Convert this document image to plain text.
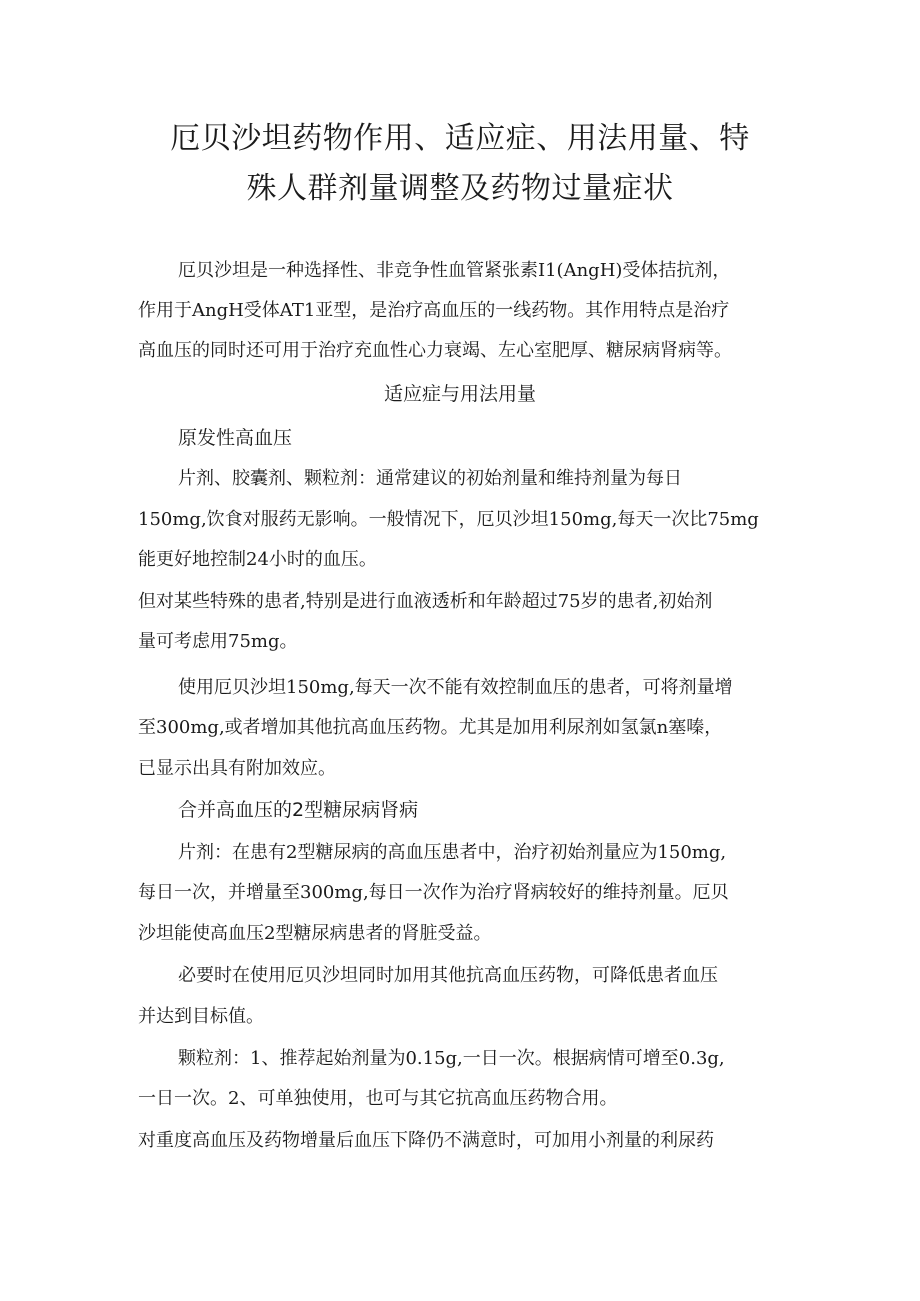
厄贝沙坦药物作用、适应症、用法用量、特
殊人群剂量调整及药物过量症状
厄贝沙坦是一种选择性、非竞争性血管紧张素I1(AngH)受体拮抗剂，
作用于AngH受体AT1亚型，是治疗高血压的一线药物。其作用特点是治疗
高血压的同时还可用于治疗充血性心力衰竭、左心室肥厚、糖尿病肾病等。
适应症与用法用量
原发性高血压
片剂、胶囊剂、颗粒剂：通常建议的初始剂量和维持剂量为每日
150mg,饮食对服药无影响。一般情况下，厄贝沙坦150mg,每天一次比75mg
能更好地控制24小时的血压。
但对某些特殊的患者,特别是进行血液透析和年龄超过75岁的患者,初始剂
量可考虑用75mg。
使用厄贝沙坦150mg,每天一次不能有效控制血压的患者，可将剂量增
至300mg,或者增加其他抗高血压药物。尤其是加用利尿剂如氢氯n塞嗪，
已显示出具有附加效应。
合并高血压的2型糖尿病肾病
片剂：在患有2型糖尿病的高血压患者中，治疗初始剂量应为150mg,
每日一次，并增量至300mg,每日一次作为治疗肾病较好的维持剂量。厄贝
沙坦能使高血压2型糖尿病患者的肾脏受益。
必要时在使用厄贝沙坦同时加用其他抗高血压药物，可降低患者血压
并达到目标值。
颗粒剂：1、推荐起始剂量为0.15g,一日一次。根据病情可增至0.3g,
一日一次。2、可单独使用，也可与其它抗高血压药物合用。
对重度高血压及药物增量后血压下降仍不满意时，可加用小剂量的利尿药
